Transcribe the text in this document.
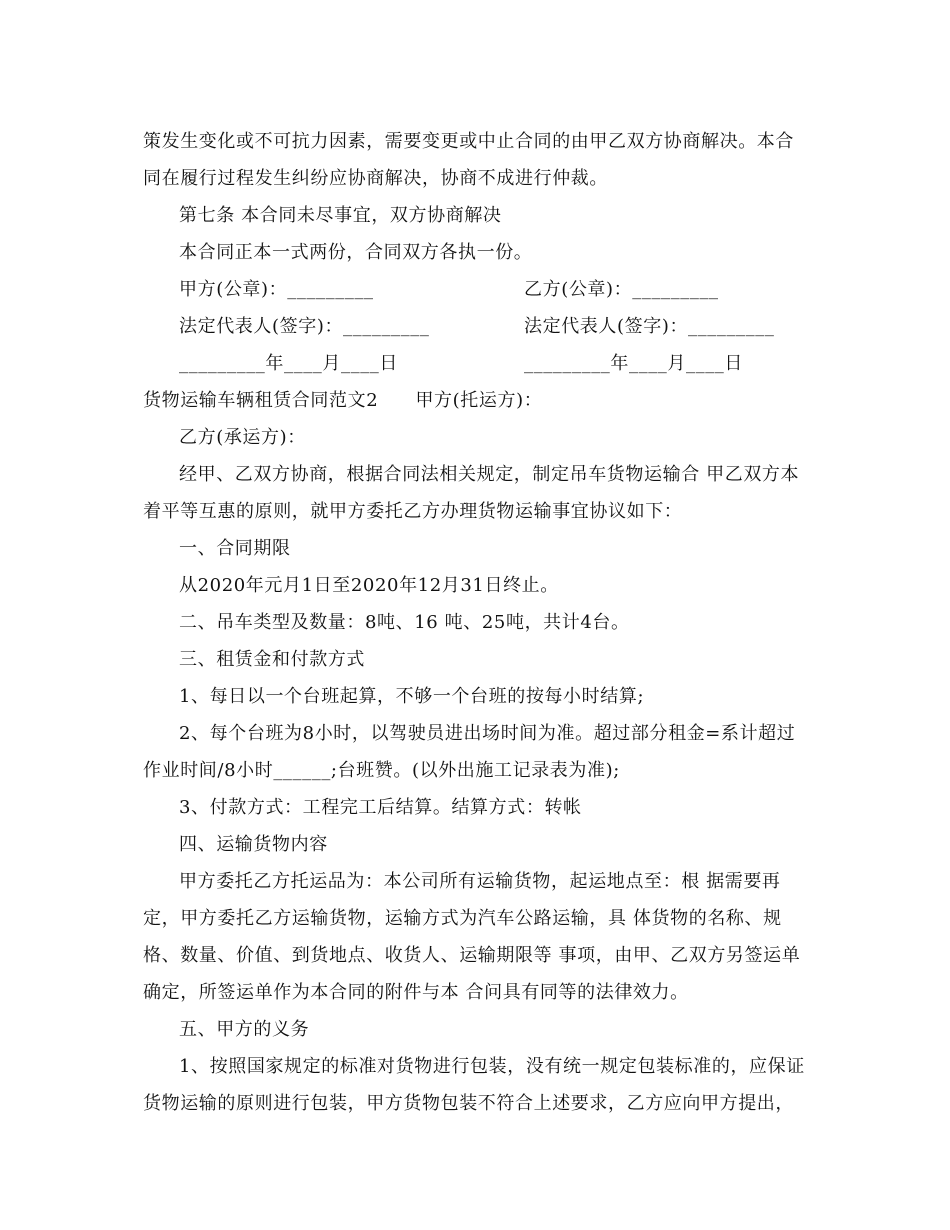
策发生变化或不可抗力因素，需要变更或中止合同的由甲乙双方协商解决。本合
同在履行过程发生纠纷应协商解决，协商不成进行仲裁。
第七条 本合同未尽事宜，双方协商解决
本合同正本一式两份，合同双方各执一份。
甲方(公章)：_________	乙方(公章)：_________
法定代表人(签字)：_________	法定代表人(签字)：_________
_________年____月____日	_________年____月____日
货物运输车辆租赁合同范文2　　甲方(托运方)：
乙方(承运方)：
经甲、乙双方协商，根据合同法相关规定，制定吊车货物运输合 甲乙双方本
着平等互惠的原则，就甲方委托乙方办理货物运输事宜协议如下：
一、合同期限
从2020年元月1日至2020年12月31日终止。
二、吊车类型及数量：8吨、16 吨、25吨，共计4台。
三、租赁金和付款方式
1、每日以一个台班起算，不够一个台班的按每小时结算;
2、每个台班为8小时，以驾驶员进出场时间为准。超过部分租金=系计超过
作业时间/8小时______;台班赞。(以外出施工记录表为准);
3、付款方式：工程完工后结算。结算方式：转帐
四、运输货物内容
甲方委托乙方托运品为：本公司所有运输货物，起运地点至：根 据需要再
定，甲方委托乙方运输货物，运输方式为汽车公路运输，具 体货物的名称、规
格、数量、价值、到货地点、收货人、运输期限等 事项，由甲、乙双方另签运单
确定，所签运单作为本合同的附件与本 合问具有同等的法律效力。
五、甲方的义务
1、按照国家规定的标准对货物进行包装，没有统一规定包装标准的，应保证
货物运输的原则进行包装，甲方货物包装不符合上述要求，乙方应向甲方提出，
